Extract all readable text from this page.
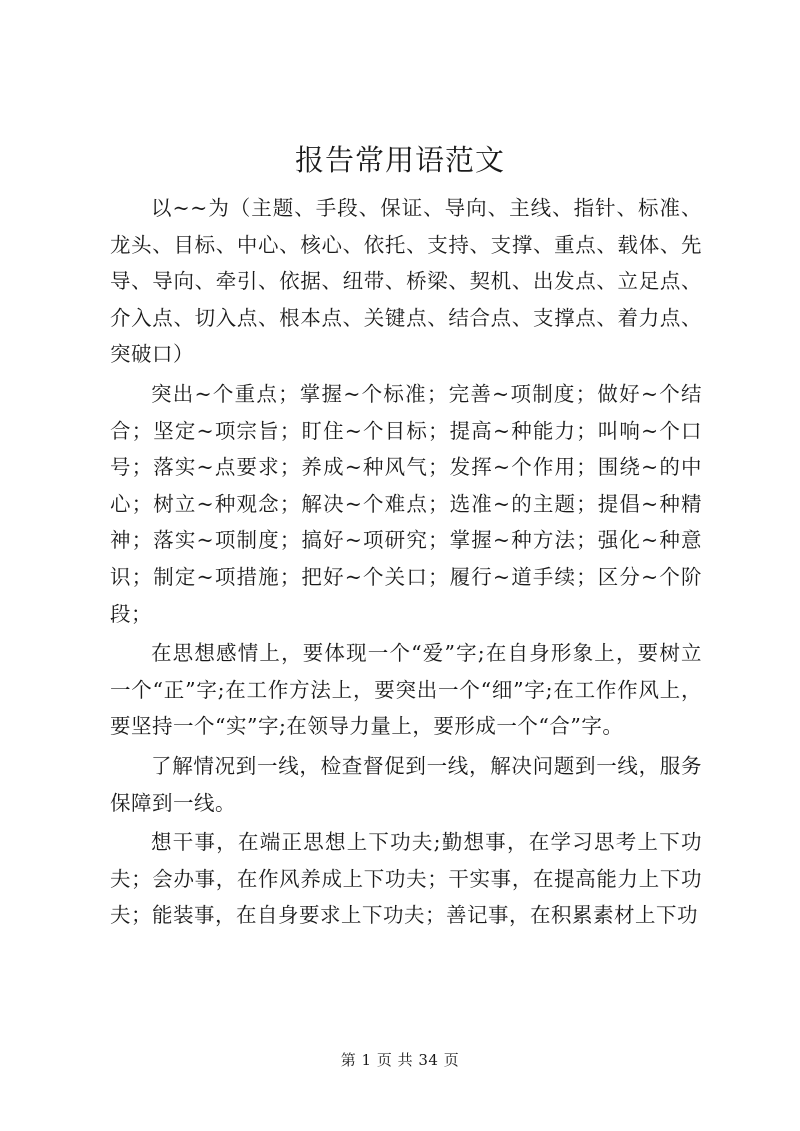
报告常用语范文

以~~为（主题、手段、保证、导向、主线、指针、标准、龙头、目标、中心、核心、依托、支持、支撑、重点、载体、先导、导向、牵引、依据、纽带、桥梁、契机、出发点、立足点、介入点、切入点、根本点、关键点、结合点、支撑点、着力点、突破口）

突出~个重点；掌握~个标准；完善~项制度；做好~个结合；坚定~项宗旨；盯住~个目标；提高~种能力；叫响~个口号；落实~点要求；养成~种风气；发挥~个作用；围绕~的中心；树立~种观念；解决~个难点；选准~的主题；提倡~种精神；落实~项制度；搞好~项研究；掌握~种方法；强化~种意识；制定~项措施；把好~个关口；履行~道手续；区分~个阶段；

在思想感情上，要体现一个“爱”字;在自身形象上，要树立一个“正”字;在工作方法上，要突出一个“细”字;在工作作风上，要坚持一个“实”字;在领导力量上，要形成一个“合”字。

了解情况到一线，检查督促到一线，解决问题到一线，服务保障到一线。

想干事，在端正思想上下功夫;勤想事，在学习思考上下功夫；会办事，在作风养成上下功夫；干实事，在提高能力上下功夫；能装事，在自身要求上下功夫；善记事，在积累素材上下功

第 1 页 共 34 页
